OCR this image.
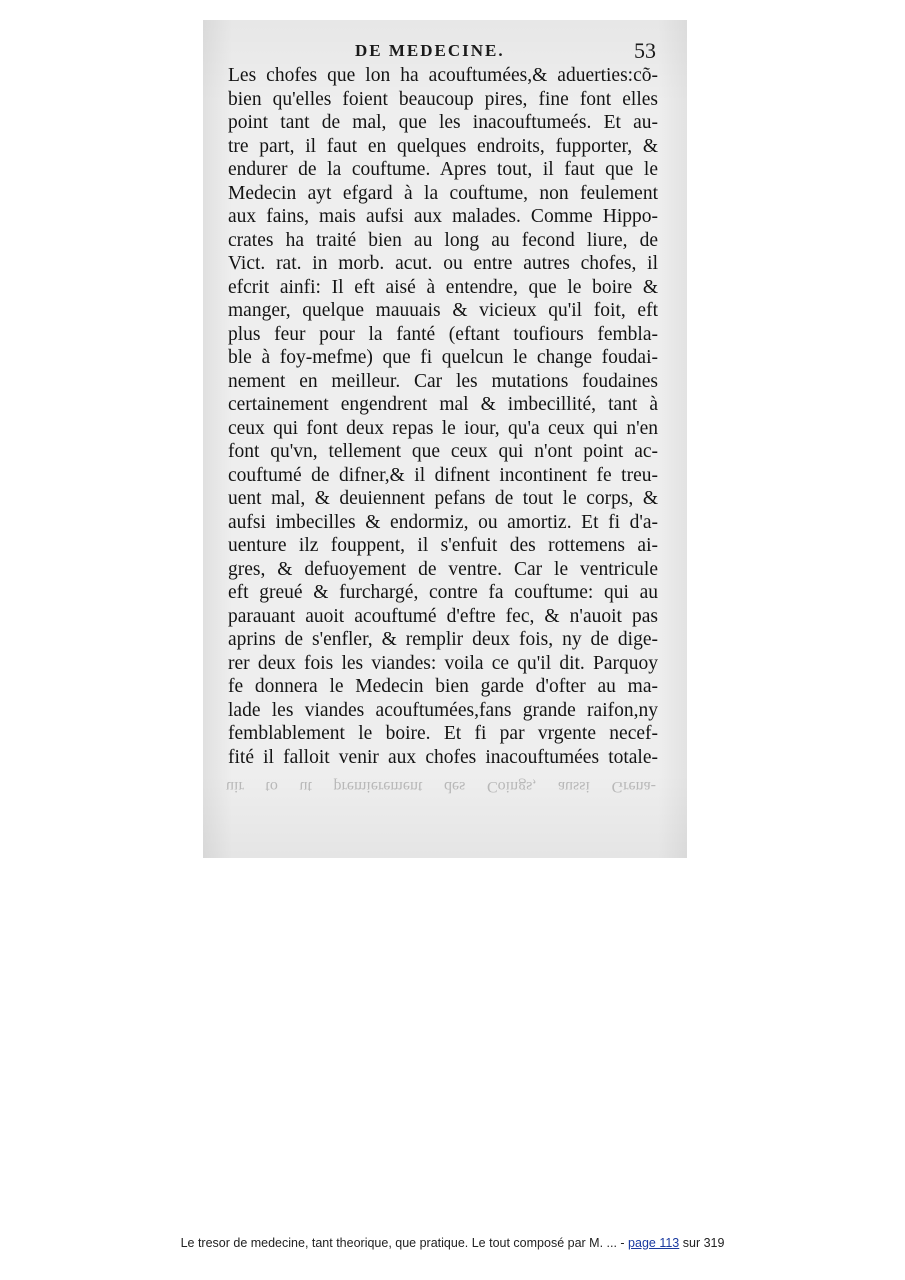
DE MEDECINE.	53
Les chofes que lon ha acouftumées,& aduerties:cõ-
bien qu'elles foient beaucoup pires, fine font elles
point tant de mal, que les inacouftumeés. Et au-
tre part, il faut en quelques endroits, fupporter, &
endurer de la couftume. Apres tout, il faut que le
Medecin ayt efgard à la couftume, non feulement
aux fains, mais aufsi aux malades. Comme Hippo-
crates ha traité bien au long au fecond liure, de
Vict. rat. in morb. acut. ou entre autres chofes, il
efcrit ainfi: Il eft aisé à entendre, que le boire &
manger, quelque mauuais & vicieux qu'il foit, eft
plus feur pour la fanté (eftant toufiours fembla-
ble à foy-mefme) que fi quelcun le change foudai-
nement en meilleur. Car les mutations foudaines
certainement engendrent mal & imbecillité, tant à
ceux qui font deux repas le iour, qu'a ceux qui n'en
font qu'vn, tellement que ceux qui n'ont point ac-
couftumé de difner,& il difnent incontinent fe treu-
uent mal, & deuiennent pefans de tout le corps, &
aufsi imbecilles & endormiz, ou amortiz. Et fi d'a-
uenture ilz fouppent, il s'enfuit des rottemens ai-
gres, & defuoyement de ventre. Car le ventricule
eft greué & furchargé, contre fa couftume: qui au
parauant auoit acouftumé d'eftre fec, & n'auoit pas
aprins de s'enfler, & remplir deux fois, ny de dige-
rer deux fois les viandes: voila ce qu'il dit. Parquoy
fe donnera le Medecin bien garde d'ofter au ma-
lade les viandes acouftumées,fans grande raifon,ny
femblablement le boire. Et fi par vrgente necef-
fité il falloit venir aux chofes inacouftumées totale-
uir to ut premierement des Coings, aussi Grena-
Le tresor de medecine, tant theorique, que pratique. Le tout composé par M. ... - page 113 sur 319
